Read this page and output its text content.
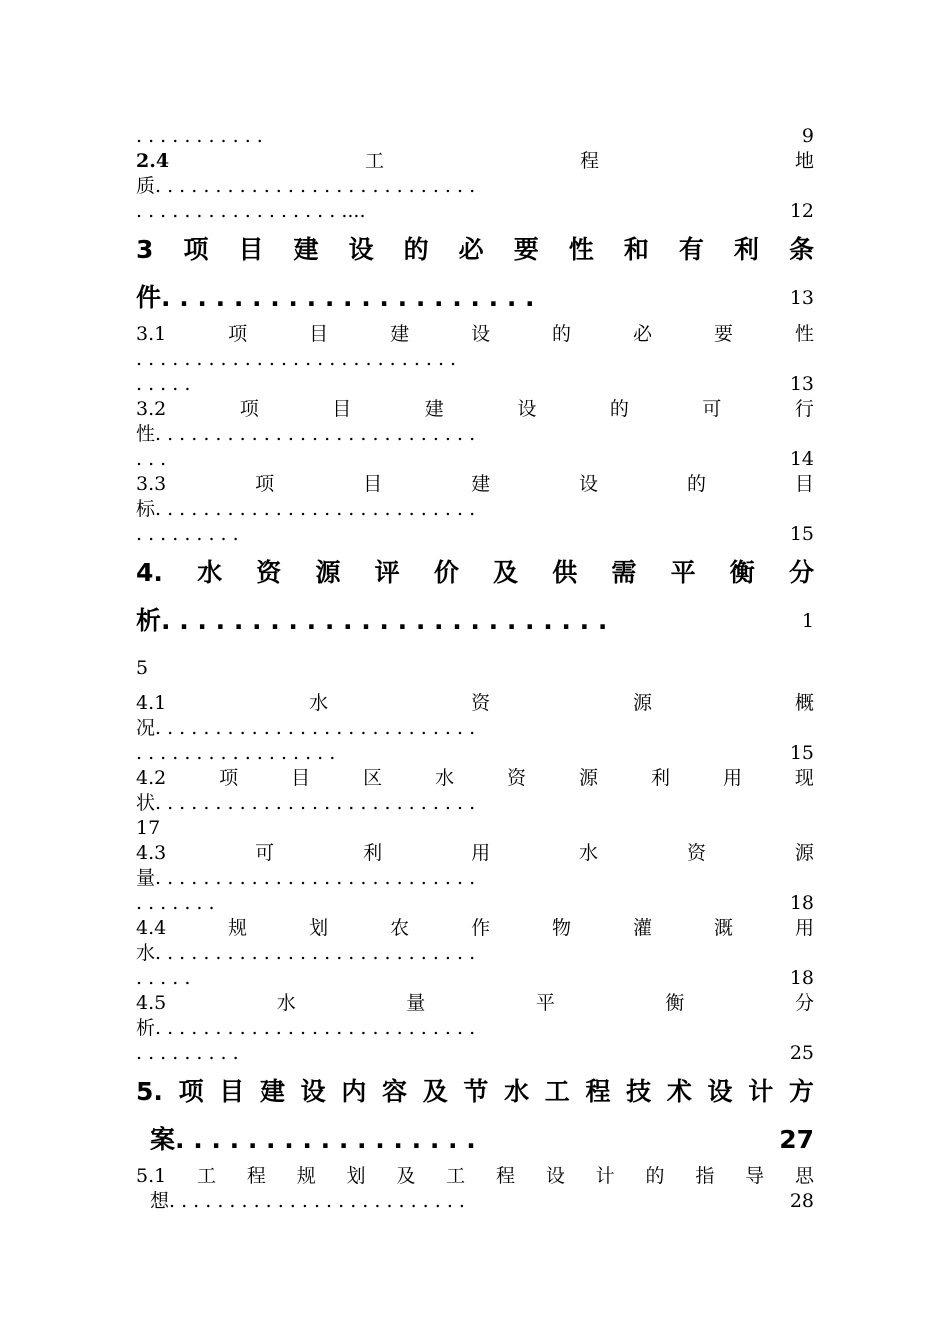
. . . . . . . . . . .	9
2.4	工	程	地
质. . . . . . . . . . . . . . . . . . . . . . . . . . .
. . . . . . . . . . . . . . . . . ....	12
3 项 目 建 设 的 必 要 性 和 有 利 条
件. . . . . . . . . . . . . . . . . . . . .	13
3.1	项	目	建	设	的	必	要	性
. . . . . . . . . . . . . . . . . . . . . . . . . . .
. . . . .	13
3.2	项	目	建	设	的	可	行
性. . . . . . . . . . . . . . . . . . . . . . . . . . .
. . .	14
3.3	项	目	建	设	的	目
标. . . . . . . . . . . . . . . . . . . . . . . . . . .
. . . . . . . . .	15
4. 水 资 源 评 价 及 供 需 平 衡 分
析. . . . . . . . . . . . . . . . . . . . . . . . .	1
5
4.1	水	资	源	概
况. . . . . . . . . . . . . . . . . . . . . . . . . . .
. . . . . . . . . . . . . . . . .	15
4.2	项	目	区	水	资	源	利	用	现
状. . . . . . . . . . . . . . . . . . . . . . . . . . .
17
4.3	可	利	用	水	资	源
量. . . . . . . . . . . . . . . . . . . . . . . . . . .
. . . . . . .	18
4.4	规	划	农	作	物	灌	溉	用
水. . . . . . . . . . . . . . . . . . . . . . . . . . .
. . . . .	18
4.5	水	量	平	衡	分
析. . . . . . . . . . . . . . . . . . . . . . . . . . .
. . . . . . . . .	25
5. 项 目 建 设 内 容 及 节 水 工 程 技 术 设 计 方
案. . . . . . . . . . . . . . . . .	27
5.1 工 程 规 划 及 工 程 设 计 的 指 导 思
想. . . . . . . . . . . . . . . . . . . . . . . . .	28
